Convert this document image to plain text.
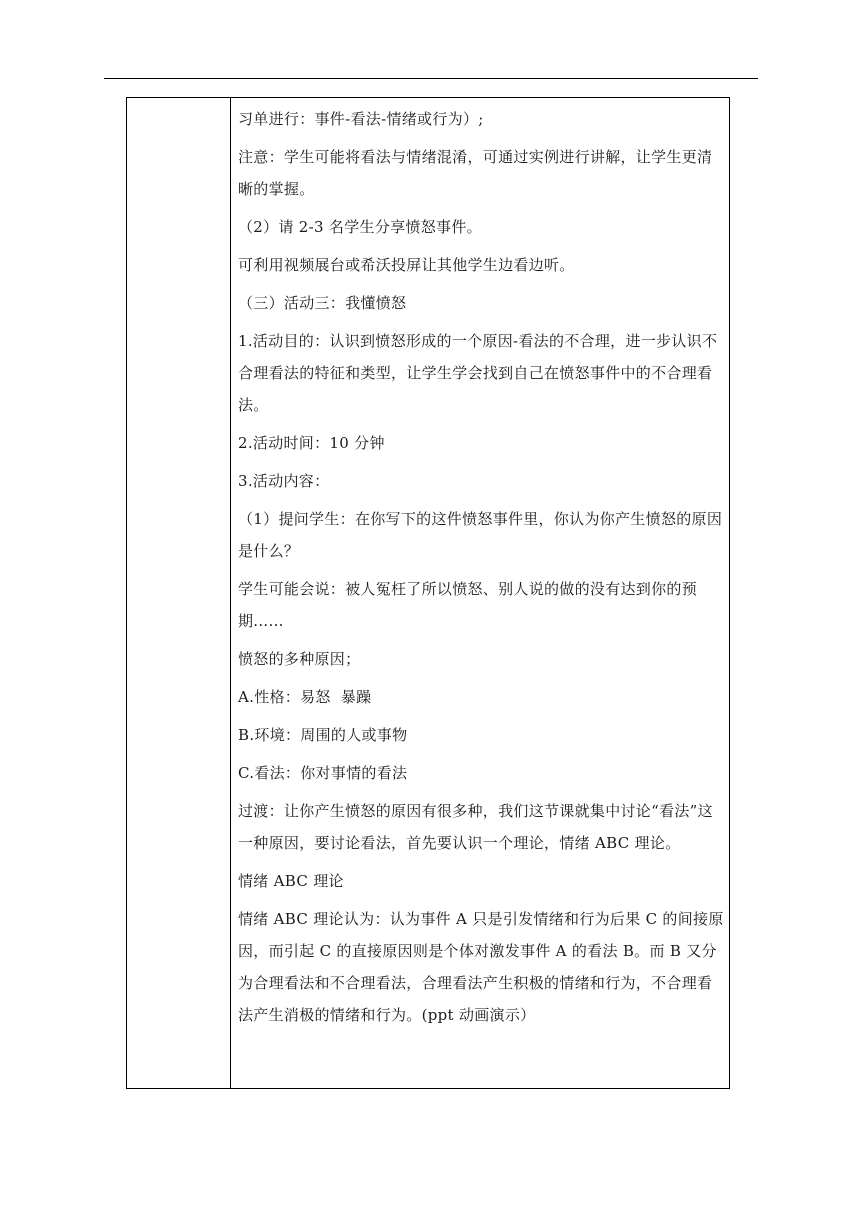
习单进行：事件-看法-情绪或行为）;

注意：学生可能将看法与情绪混淆，可通过实例进行讲解，让学生更清晰的掌握。

（2）请 2-3 名学生分享愤怒事件。

可利用视频展台或希沃投屏让其他学生边看边听。

（三）活动三：我懂愤怒

1.活动目的：认识到愤怒形成的一个原因-看法的不合理，进一步认识不合理看法的特征和类型，让学生学会找到自己在愤怒事件中的不合理看法。

2.活动时间：10 分钟

3.活动内容：

（1）提问学生：在你写下的这件愤怒事件里，你认为你产生愤怒的原因是什么？

学生可能会说：被人冤枉了所以愤怒、别人说的做的没有达到你的预期......

愤怒的多种原因；

A.性格：易怒  暴躁

B.环境：周围的人或事物

C.看法：你对事情的看法

过渡：让你产生愤怒的原因有很多种，我们这节课就集中讨论“看法”这一种原因，要讨论看法，首先要认识一个理论，情绪 ABC 理论。

情绪 ABC 理论

情绪 ABC 理论认为：认为事件 A 只是引发情绪和行为后果 C 的间接原因，而引起 C 的直接原因则是个体对激发事件 A 的看法 B。而 B 又分为合理看法和不合理看法，合理看法产生积极的情绪和行为，不合理看法产生消极的情绪和行为。(ppt 动画演示）
